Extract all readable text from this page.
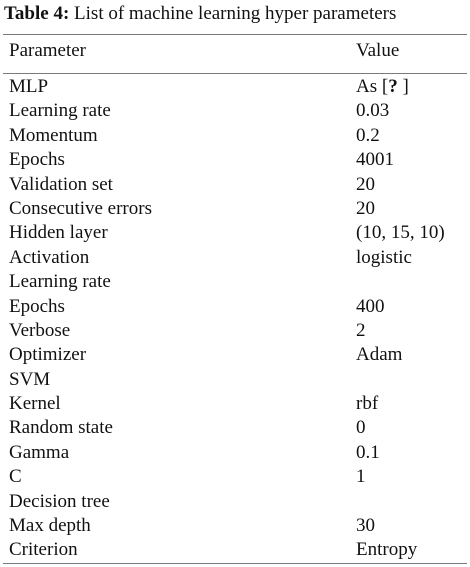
Table 4: List of machine learning hyper parameters
Parameter	Value
MLP	As [? ]
Learning rate	0.03
Momentum	0.2
Epochs	4001
Validation set	20
Consecutive errors	20
Hidden layer	(10, 15, 10)
Activation	logistic
Learning rate
Epochs	400
Verbose	2
Optimizer	Adam
SVM
Kernel	rbf
Random state	0
Gamma	0.1
C	1
Decision tree
Max depth	30
Criterion	Entropy
